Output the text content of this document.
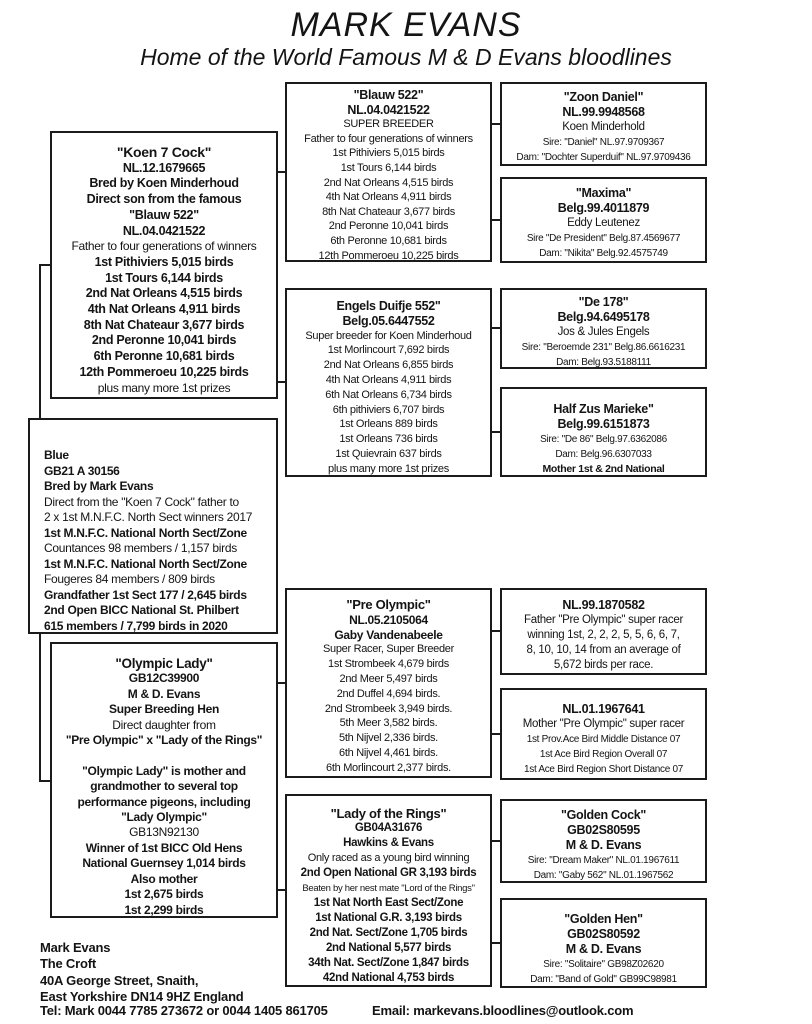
MARK EVANS
Home of the World Famous M & D Evans bloodlines
"Koen 7 Cock"
NL.12.1679665
Bred by Koen Minderhoud
Direct son from the famous
"Blauw 522"
NL.04.0421522
Father to four generations of winners
1st Pithiviers 5,015 birds
1st Tours 6,144 birds
2nd Nat Orleans 4,515 birds
4th Nat Orleans 4,911 birds
8th Nat Chateaur 3,677 birds
2nd Peronne 10,041 birds
6th Peronne 10,681 birds
12th Pommeroeu 10,225 birds
plus many more 1st prizes
Blue
GB21 A 30156
Bred by Mark Evans
Direct from the "Koen 7 Cock" father to
2 x 1st M.N.F.C. North Sect winners 2017
1st M.N.F.C. National North Sect/Zone
Countances 98 members / 1,157 birds
1st M.N.F.C. National North Sect/Zone
Fougeres 84 members / 809 birds
Grandfather 1st Sect 177 / 2,645 birds
2nd Open BICC National St. Philbert
615 members / 7,799 birds in 2020
"Olympic Lady"
GB12C39900
M & D. Evans
Super Breeding Hen
Direct daughter from
"Pre Olympic" x "Lady of the Rings"

"Olympic Lady" is mother and
grandmother to several top
performance pigeons, including
"Lady Olympic"
GB13N92130
Winner of 1st BICC Old Hens
National Guernsey 1,014 birds
Also mother
1st 2,675 birds
1st 2,299 birds
"Blauw 522"
NL.04.0421522
SUPER BREEDER
Father to four generations of winners
1st Pithiviers 5,015 birds
1st Tours 6,144 birds
2nd Nat Orleans 4,515 birds
4th Nat Orleans 4,911 birds
8th Nat Chateaur 3,677 birds
2nd Peronne 10,041 birds
6th Peronne 10,681 birds
12th Pommeroeu 10,225 birds
Engels Duifje 552"
Belg.05.6447552
Super breeder for Koen Minderhoud
1st Morlincourt 7,692 birds
2nd Nat Orleans 6,855 birds
4th Nat Orleans 4,911 birds
6th Nat Orleans 6,734 birds
6th pithiviers 6,707 birds
1st Orleans 889 birds
1st Orleans 736 birds
1st Quievrain 637 birds
plus many more 1st prizes
"Pre Olympic"
NL.05.2105064
Gaby Vandenabeele
Super Racer, Super Breeder
1st Strombeek 4,679 birds
2nd Meer 5,497 birds
2nd Duffel 4,694 birds.
2nd Strombeek 3,949 birds.
5th Meer 3,582 birds.
5th Nijvel 2,336 birds.
6th Nijvel 4,461 birds.
6th Morlincourt 2,377 birds.
"Lady of the Rings"
GB04A31676
Hawkins & Evans
Only raced as a young bird winning
2nd Open National GR 3,193 birds
Beaten by her nest mate "Lord of the Rings"
1st Nat North East Sect/Zone
1st National G.R. 3,193 birds
2nd Nat. Sect/Zone 1,705 birds
2nd National 5,577 birds
34th Nat. Sect/Zone 1,847 birds
42nd National 4,753 birds
"Zoon Daniel"
NL.99.9948568
Koen Minderhold
Sire: "Daniel" NL.97.9709367
Dam: "Dochter Superduif" NL.97.9709436
"Maxima"
Belg.99.4011879
Eddy Leutenez
Sire "De President" Belg.87.4569677
Dam: "Nikita" Belg.92.4575749
"De 178"
Belg.94.6495178
Jos & Jules Engels
Sire: "Beroemde 231" Belg.86.6616231
Dam: Belg.93.5188111
Half Zus Marieke"
Belg.99.6151873
Sire: "De 86" Belg.97.6362086
Dam: Belg.96.6307033
Mother 1st & 2nd National
NL.99.1870582
Father "Pre Olympic" super racer
winning 1st, 2, 2, 2, 5, 5, 6, 6, 7,
8, 10, 10, 14 from an average of
5,672 birds per race.
NL.01.1967641
Mother "Pre Olympic" super racer
1st Prov.Ace Bird Middle Distance 07
1st Ace Bird Region Overall 07
1st Ace Bird Region Short Distance 07
"Golden Cock"
GB02S80595
M & D. Evans
Sire: "Dream Maker" NL.01.1967611
Dam: "Gaby 562" NL.01.1967562
"Golden Hen"
GB02S80592
M & D. Evans
Sire: "Solitaire" GB98Z02620
Dam: "Band of Gold" GB99C98981
Mark Evans
The Croft
40A George Street, Snaith,
East Yorkshire DN14 9HZ England
Tel: Mark 0044 7785 273672 or 0044 1405 861705	Email: markevans.bloodlines@outlook.com
